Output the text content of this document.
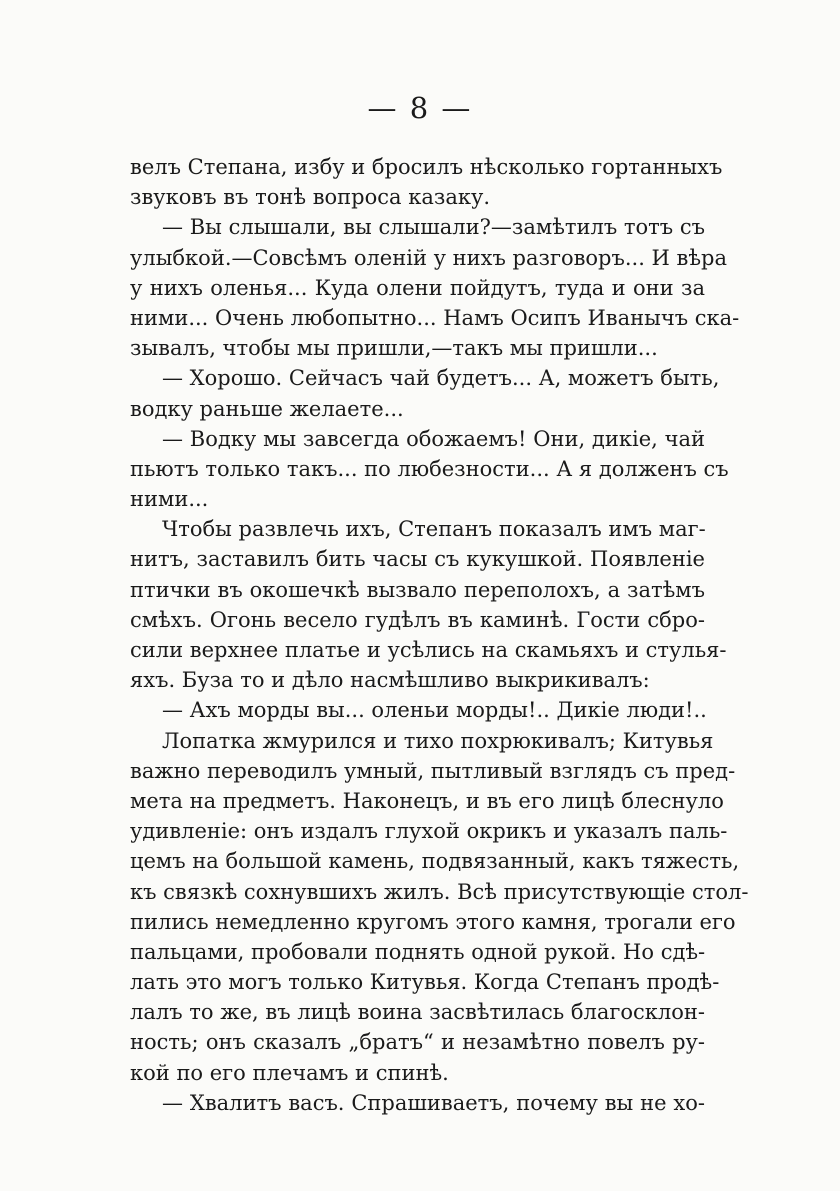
— 8 —
велъ Степана, избу и бросилъ нѣсколько гортанныхъ
звуковъ въ тонѣ вопроса казаку.
— Вы слышали, вы слышали?—замѣтилъ тотъ съ
улыбкой.—Совсѣмъ оленiй у нихъ разговоръ... И вѣра
у нихъ оленья... Куда олени пойдутъ, туда и они за
ними... Очень любопытно... Намъ Осипъ Иванычъ ска-
зывалъ, чтобы мы пришли,—такъ мы пришли...
— Хорошо. Сейчасъ чай будетъ... А, можетъ быть,
водку раньше желаете...
— Водку мы завсегда обожаемъ! Они, дикiе, чай
пьютъ только такъ... по любезности... А я долженъ съ
ними...
Чтобы развлечь ихъ, Степанъ показалъ имъ маг-
нитъ, заставилъ бить часы съ кукушкой. Появленiе
птички въ окошечкѣ вызвало переполохъ, а затѣмъ
смѣхъ. Огонь весело гудѣлъ въ каминѣ. Гости сбро-
сили верхнее платье и усѣлись на скамьяхъ и стулья-
яхъ. Буза то и дѣло насмѣшливо выкрикивалъ:
— Ахъ морды вы... оленьи морды!.. Дикiе люди!..
Лопатка жмурился и тихо похрюкивалъ; Китувья
важно переводилъ умный, пытливый взглядъ съ пред-
мета на предметъ. Наконецъ, и въ его лицѣ блеснуло
удивленiе: онъ издалъ глухой окрикъ и указалъ паль-
цемъ на большой камень, подвязанный, какъ тяжесть,
къ связкѣ сохнувшихъ жилъ. Всѣ присутствующiе стол-
пились немедленно кругомъ этого камня, трогали его
пальцами, пробовали поднять одной рукой. Но сдѣ-
лать это могъ только Китувья. Когда Степанъ продѣ-
лалъ то же, въ лицѣ воина засвѣтилась благосклон-
ность; онъ сказалъ „братъ“ и незамѣтно повелъ ру-
кой по его плечамъ и спинѣ.
— Хвалитъ васъ. Спрашиваетъ, почему вы не хо-
